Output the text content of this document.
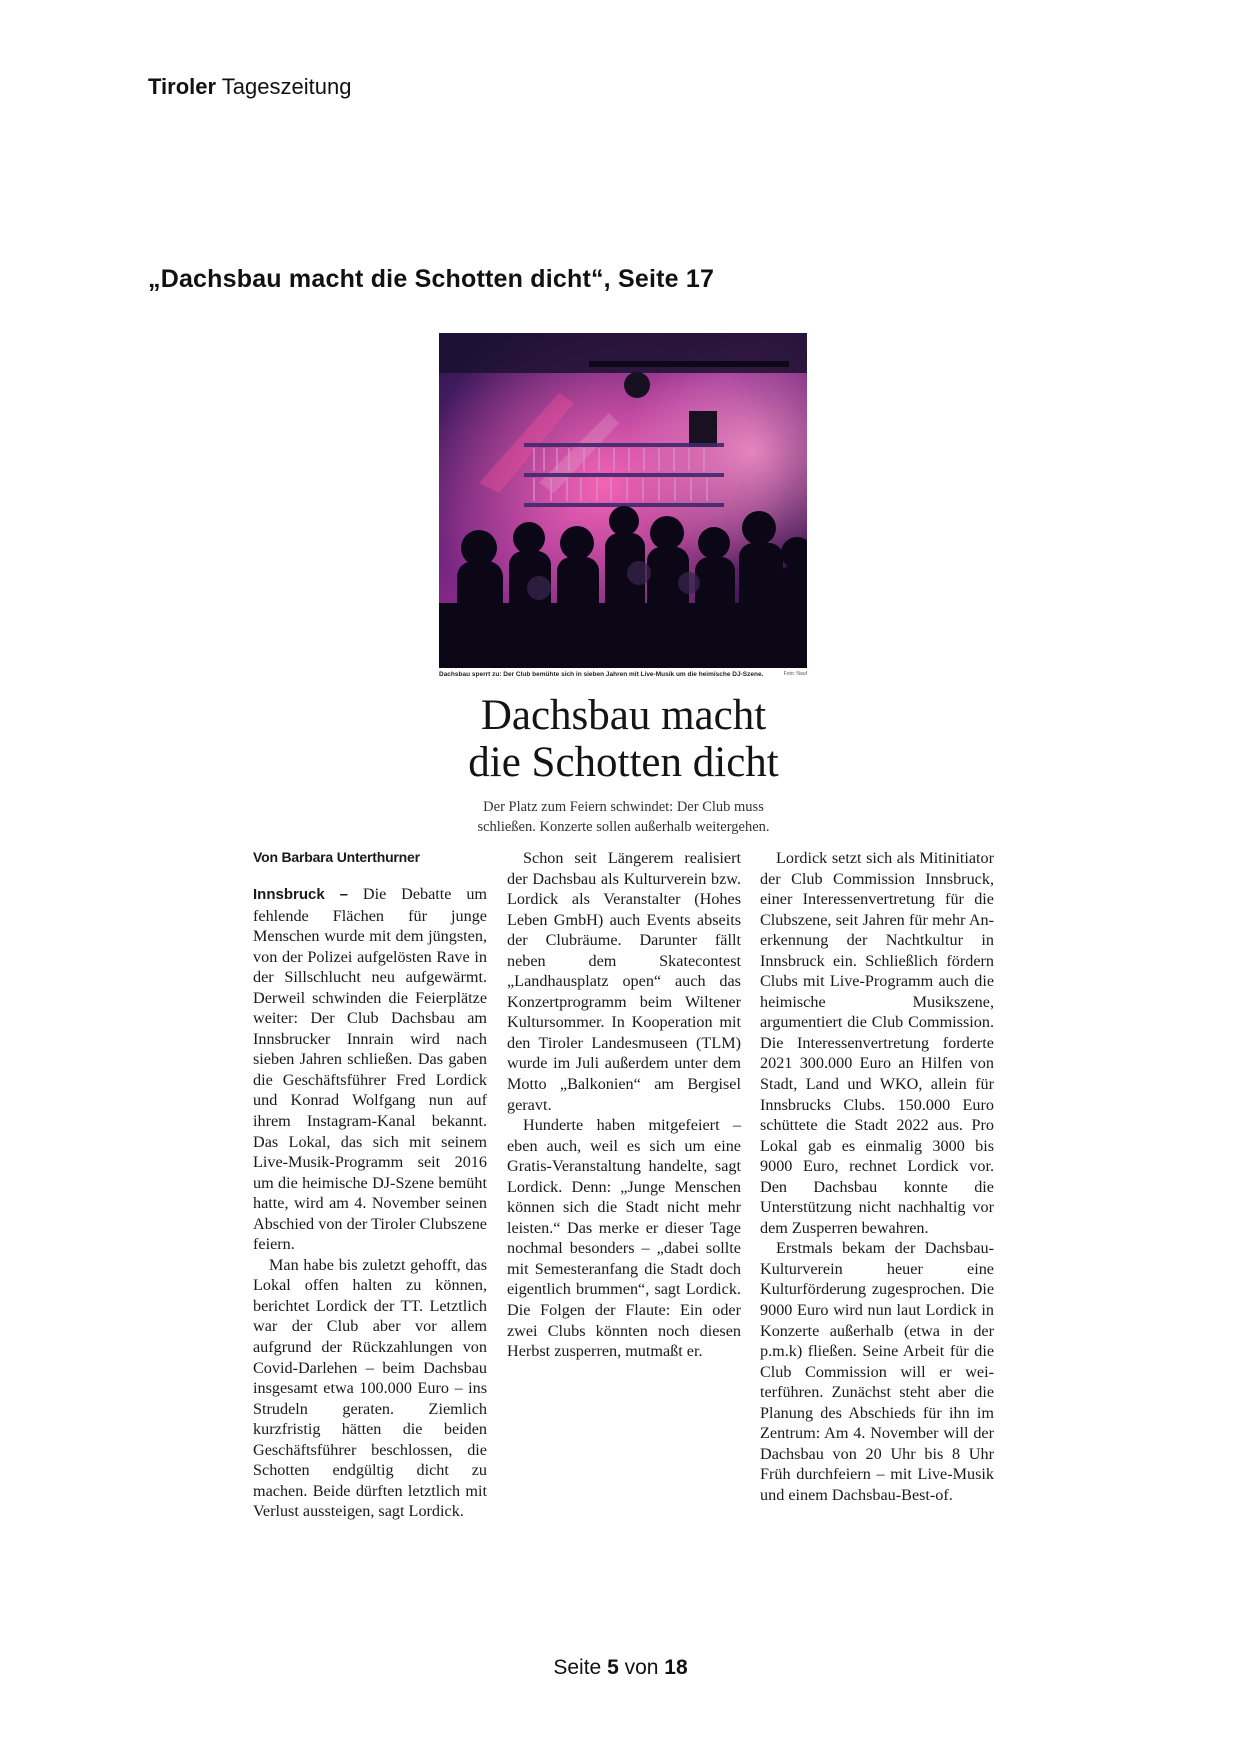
Tiroler Tageszeitung
„Dachsbau macht die Schotten dicht“, Seite 17
Dachsbau sperrt zu: Der Club bemühte sich in sieben Jahren mit Live-Musik um die heimische DJ-Szene.	Foto: Nauf
Dachsbau macht
die Schotten dicht
Der Platz zum Feiern schwindet: Der Club muss
schließen. Konzerte sollen außerhalb weitergehen.

Von Barbara Unterthurner

Innsbruck – Die Debatte um fehlende Flächen für junge Menschen wurde mit dem jüngsten, von der Polizei aufgelösten Rave in der Sillschlucht neu aufgewärmt. Derweil schwinden die Feierplätze weiter: Der Club Dachsbau am Innsbrucker Innrain wird nach sieben Jahren schließen. Das gaben die Geschäftsführer Fred Lordick und Konrad Wolfgang nun auf ihrem Instagram-Kanal bekannt. Das Lokal, das sich mit seinem Live-Musik-Programm seit 2016 um die heimische DJ-Szene bemüht hatte, wird am 4. November seinen Abschied von der Tiroler Clubszene feiern.

Man habe bis zuletzt gehofft, das Lokal offen halten zu können, berichtet Lordick der TT. Letztlich war der Club aber vor allem aufgrund der Rückzahlungen von Covid-Darlehen – beim Dachsbau insgesamt etwa 100.000 Euro – ins Strudeln geraten. Ziemlich kurzfristig hätten die beiden Geschäftsführer beschlossen, die Schotten endgültig dicht zu machen. Beide dürften letztlich mit Verlust aussteigen, sagt Lordick.

Schon seit Längerem realisiert der Dachsbau als Kulturverein bzw. Lordick als Veranstalter (Hohes Leben GmbH) auch Events abseits der Clubräume. Darunter fällt neben dem Skatecontest „Landhausplatz open“ auch das Konzertprogramm beim Wiltener Kultursommer. In Kooperation mit den Tiroler Landesmuseen (TLM) wurde im Juli außerdem unter dem Motto „Balkonien“ am Bergisel geravt.

Hunderte haben mitgefeiert – eben auch, weil es sich um eine Gratis-Veranstaltung handelte, sagt Lordick. Denn: „Junge Menschen können sich die Stadt nicht mehr leisten.“ Das merke er dieser Tage nochmal besonders – „dabei sollte mit Semesteranfang die Stadt doch eigentlich brummen“, sagt Lordick. Die Folgen der Flaute: Ein oder zwei Clubs könnten noch diesen Herbst zusperren, mutmaßt er.

Lordick setzt sich als Mitinitiator der Club Commission Innsbruck, einer Interessenvertretung für die Clubszene, seit Jahren für mehr Anerkennung der Nachtkultur in Innsbruck ein. Schließlich fördern Clubs mit Live-Programm auch die heimische Musikszene, argumentiert die Club Commission. Die Interessenvertretung forderte 2021 300.000 Euro an Hilfen von Stadt, Land und WKO, allein für Innsbrucks Clubs. 150.000 Euro schüttete die Stadt 2022 aus. Pro Lokal gab es einmalig 3000 bis 9000 Euro, rechnet Lordick vor. Den Dachsbau konnte die Unterstützung nicht nachhaltig vor dem Zusperren bewahren.

Erstmals bekam der Dachsbau-Kulturverein heuer eine Kulturförderung zugesprochen. Die 9000 Euro wird nun laut Lordick in Konzerte außerhalb (etwa in der p.m.k) fließen. Seine Arbeit für die Club Commission will er weiterführen. Zunächst steht aber die Planung des Abschieds für ihn im Zentrum: Am 4. November will der Dachsbau von 20 Uhr bis 8 Uhr Früh durchfeiern – mit Live-Musik und einem Dachsbau-Best-of.

Seite 5 von 18
